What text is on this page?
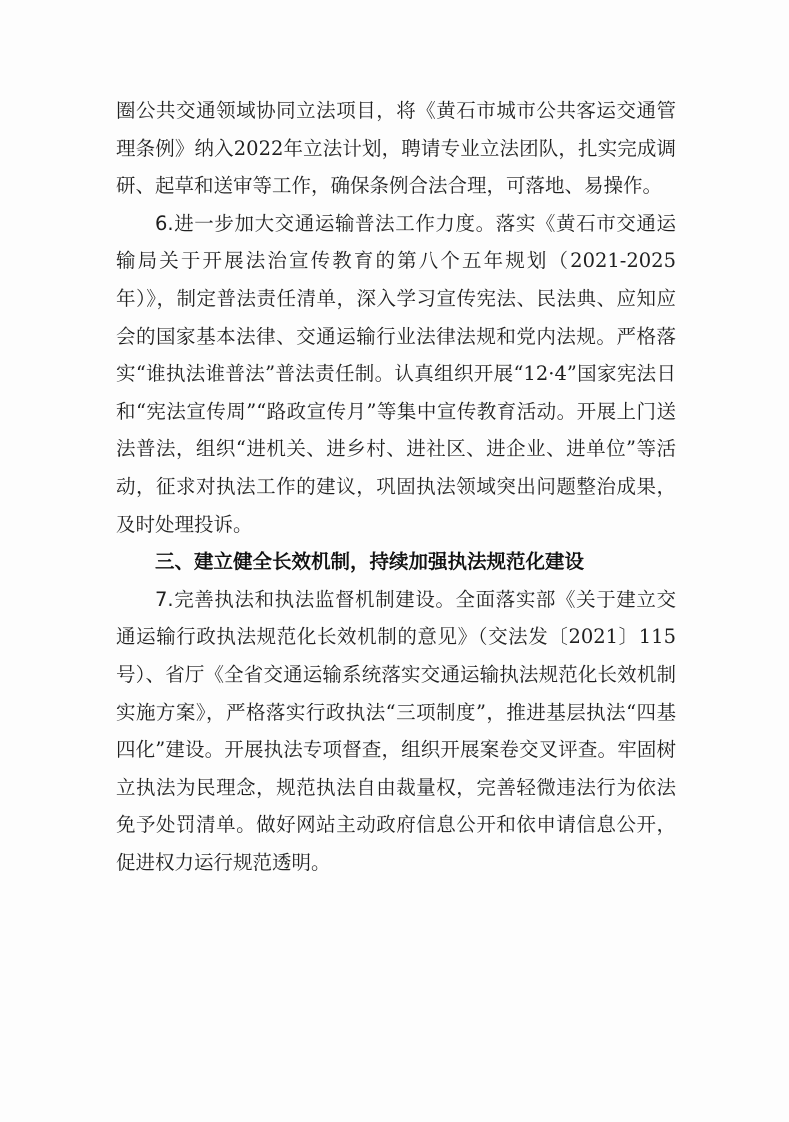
圈公共交通领域协同立法项目，将《黄石市城市公共客运交通管理条例》纳入2022年立法计划，聘请专业立法团队，扎实完成调研、起草和送审等工作，确保条例合法合理，可落地、易操作。

6.进一步加大交通运输普法工作力度。落实《黄石市交通运输局关于开展法治宣传教育的第八个五年规划（2021-2025年）》，制定普法责任清单，深入学习宣传宪法、民法典、应知应会的国家基本法律、交通运输行业法律法规和党内法规。严格落实“谁执法谁普法”普法责任制。认真组织开展“12·4”国家宪法日和“宪法宣传周”“路政宣传月”等集中宣传教育活动。开展上门送法普法，组织“进机关、进乡村、进社区、进企业、进单位”等活动，征求对执法工作的建议，巩固执法领域突出问题整治成果，及时处理投诉。

三、建立健全长效机制，持续加强执法规范化建设

7.完善执法和执法监督机制建设。全面落实部《关于建立交通运输行政执法规范化长效机制的意见》（交法发〔2021〕115号）、省厅《全省交通运输系统落实交通运输执法规范化长效机制实施方案》，严格落实行政执法“三项制度”，推进基层执法“四基四化”建设。开展执法专项督查，组织开展案卷交叉评查。牢固树立执法为民理念，规范执法自由裁量权，完善轻微违法行为依法免予处罚清单。做好网站主动政府信息公开和依申请信息公开，促进权力运行规范透明。
